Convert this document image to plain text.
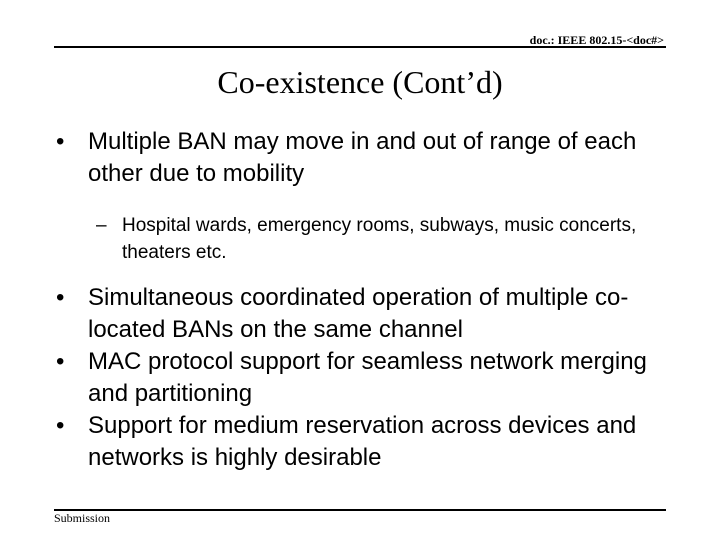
doc.: IEEE 802.15-<doc#>
Co-existence (Cont’d)
• Multiple BAN may move in and out of range of each other due to mobility
– Hospital wards, emergency rooms, subways, music concerts, theaters etc.
• Simultaneous coordinated operation of multiple co-located BANs on the same channel
• MAC protocol support for seamless network merging and partitioning
• Support for medium reservation across devices and networks is highly desirable
Submission
